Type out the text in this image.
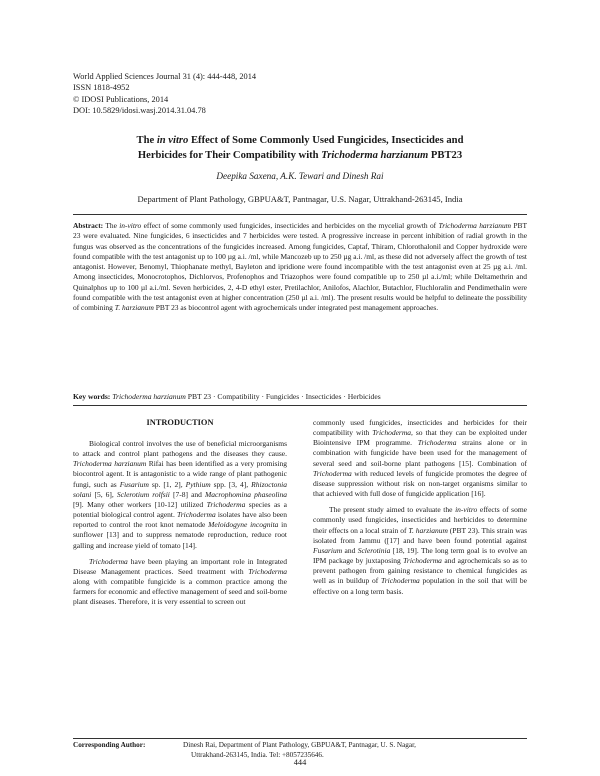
World Applied Sciences Journal 31 (4): 444-448, 2014
ISSN 1818-4952
© IDOSI Publications, 2014
DOI: 10.5829/idosi.wasj.2014.31.04.78
The in vitro Effect of Some Commonly Used Fungicides, Insecticides and
Herbicides for Their Compatibility with Trichoderma harzianum PBT23
Deepika Saxena, A.K. Tewari and Dinesh Rai
Department of Plant Pathology, GBPUA&T, Pantnagar, U.S. Nagar, Uttrakhand-263145, India
Abstract: The in-vitro effect of some commonly used fungicides, insecticides and herbicides on the mycelial growth of Trichoderma harzianum PBT 23 were evaluated. Nine fungicides, 6 insecticides and 7 herbicides were tested. A progressive increase in percent inhibition of radial growth in the fungus was observed as the concentrations of the fungicides increased. Among fungicides, Captaf, Thiram, Chlorothalonil and Copper hydroxide were found compatible with the test antagonist up to 100 µg a.i. /ml, while Mancozeb up to 250 µg a.i. /ml, as these did not adversely affect the growth of test antagonist. However, Benomyl, Thiophanate methyl, Bayleton and ipridione were found incompatible with the test antagonist even at 25 µg a.i. /ml. Among insecticides, Monocrotophos, Dichlorvos, Profenophos and Triazophos were found compatible up to 250 µl a.i./ml; while Deltamethrin and Quinalphos up to 100 µl a.i./ml. Seven herbicides, 2, 4-D ethyl ester, Pretilachlor, Anilofos, Alachlor, Butachlor, Fluchloralin and Pendimethalin were found compatible with the test antagonist even at higher concentration (250 µl a.i. /ml). The present results would be helpful to delineate the possibility of combining T. harzianum PBT 23 as biocontrol agent with agrochemicals under integrated pest management approaches.
Key words: Trichoderma harzianum PBT 23 · Compatibility · Fungicides · Insecticides · Herbicides
INTRODUCTION

Biological control involves the use of beneficial microorganisms to attack and control plant pathogens and the diseases they cause. Trichoderma harzianum Rifai has been identified as a very promising biocontrol agent. It is antagonistic to a wide range of plant pathogenic fungi, such as Fusarium sp. [1, 2], Pythium spp. [3, 4], Rhizoctonia solani [5, 6], Sclerotium rolfsii [7-8] and Macrophomina phaseolina [9]. Many other workers [10-12] utilized Trichoderma species as a potential biological control agent. Trichoderma isolates have also been reported to control the root knot nematode Meloidogyne incognita in sunflower [13] and to suppress nematode reproduction, reduce root galling and increase yield of tomato [14].

Trichoderma have been playing an important role in Integrated Disease Management practices. Seed treatment with Trichoderma along with compatible fungicide is a common practice among the farmers for economic and effective management of seed and soil-borne plant diseases. Therefore, it is very essential to screen out

commonly used fungicides, insecticides and herbicides for their compatibility with Trichoderma, so that they can be exploited under Biointensive IPM programme. Trichoderma strains alone or in combination with fungicide have been used for the management of several seed and soil-borne plant pathogens [15]. Combination of Trichoderma with reduced levels of fungicide promotes the degree of disease suppression without risk on non-target organisms similar to that achieved with full dose of fungicide application [16].

The present study aimed to evaluate the in-vitro effects of some commonly used fungicides, insecticides and herbicides to determine their effects on a local strain of T. harzianum (PBT 23). This strain was isolated from Jammu ([17] and have been found potential against Fusarium and Sclerotinia [18, 19]. The long term goal is to evolve an IPM package by juxtaposing Trichoderma and agrochemicals so as to prevent pathogen from gaining resistance to chemical fungicides as well as in buildup of Trichoderma population in the soil that will be effective on a long term basis.

Corresponding Author:	Dinesh Rai, Department of Plant Pathology, GBPUA&T, Pantnagar, U. S. Nagar,
Uttrakhand-263145, India. Tel: +8057235646.
444
